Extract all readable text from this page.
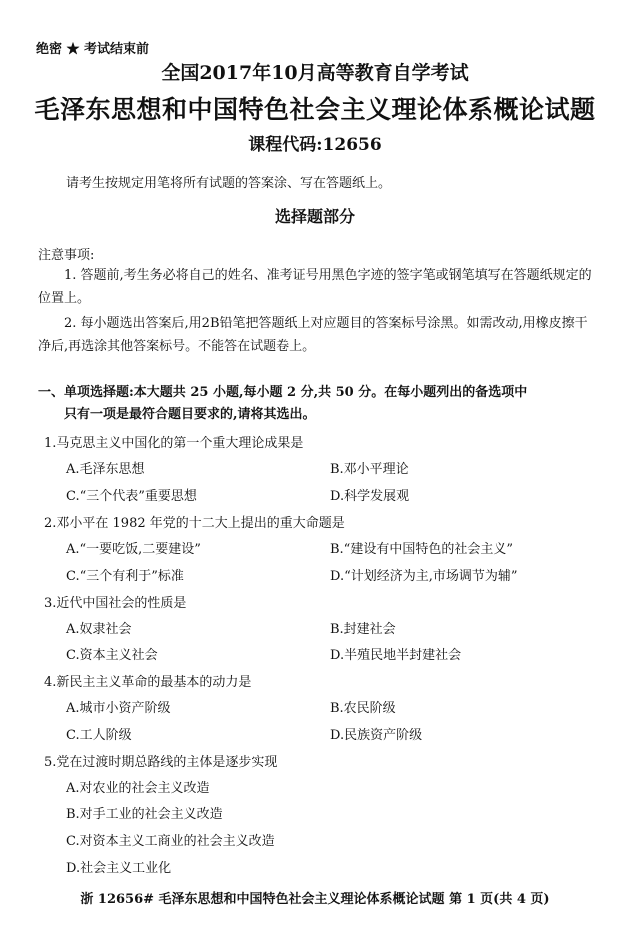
绝密 ★ 考试结束前
全国2017年10月高等教育自学考试
毛泽东思想和中国特色社会主义理论体系概论试题
课程代码:12656
请考生按规定用笔将所有试题的答案涂、写在答题纸上。
选择题部分
注意事项:
1. 答题前,考生务必将自己的姓名、准考证号用黑色字迹的签字笔或钢笔填写在答题纸规定的位置上。
2. 每小题选出答案后,用2B铅笔把答题纸上对应题目的答案标号涂黑。如需改动,用橡皮擦干净后,再选涂其他答案标号。不能答在试题卷上。
一、单项选择题:本大题共 25 小题,每小题 2 分,共 50 分。在每小题列出的备选项中
只有一项是最符合题目要求的,请将其选出。
1.马克思主义中国化的第一个重大理论成果是
A.毛泽东思想	B.邓小平理论
C.“三个代表”重要思想	D.科学发展观
2.邓小平在 1982 年党的十二大上提出的重大命题是
A.“一要吃饭,二要建设”	B.“建设有中国特色的社会主义”
C.“三个有利于”标准	D.“计划经济为主,市场调节为辅”
3.近代中国社会的性质是
A.奴隶社会	B.封建社会
C.资本主义社会	D.半殖民地半封建社会
4.新民主主义革命的最基本的动力是
A.城市小资产阶级	B.农民阶级
C.工人阶级	D.民族资产阶级
5.党在过渡时期总路线的主体是逐步实现
A.对农业的社会主义改造
B.对手工业的社会主义改造
C.对资本主义工商业的社会主义改造
D.社会主义工业化
浙 12656# 毛泽东思想和中国特色社会主义理论体系概论试题 第 1 页(共 4 页)
